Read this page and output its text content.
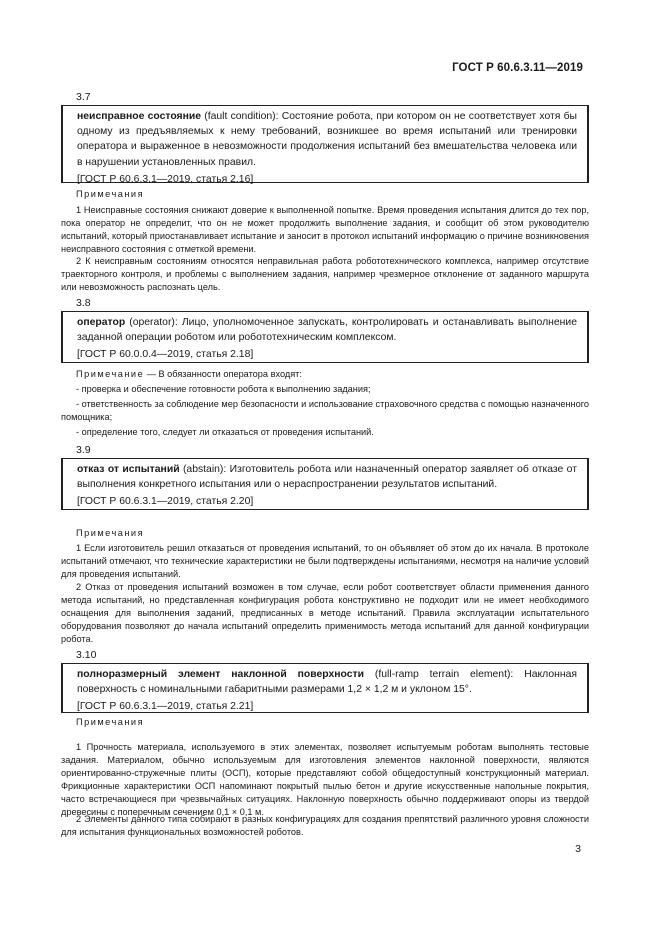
ГОСТ Р 60.6.3.11—2019
3.7

неисправное состояние (fault condition): Состояние робота, при котором он не соответствует хотя бы одному из предъявляемых к нему требований, возникшее во время испытаний или тренировки оператора и выраженное в невозможности продолжения испытаний без вмешательства человека или в нарушении установленных правил.

[ГОСТ Р 60.6.3.1—2019, статья 2.16]

Примечания

1 Неисправные состояния снижают доверие к выполненной попытке. Время проведения испытания длится до тех пор, пока оператор не определит, что он не может продолжить выполнение задания, и сообщит об этом руководителю испытаний, который приостанавливает испытание и заносит в протокол испытаний информацию о причине возникновения неисправного состояния с отметкой времени.

2 К неисправным состояниям относятся неправильная работа робототехнического комплекса, например отсутствие траекторного контроля, и проблемы с выполнением задания, например чрезмерное отклонение от заданного маршрута или невозможность распознать цель.

3.8

оператор (operator): Лицо, уполномоченное запускать, контролировать и останавливать выполнение заданной операции роботом или робототехническим комплексом.

[ГОСТ Р 60.0.0.4—2019, статья 2.18]

Примечание — В обязанности оператора входят:

- проверка и обеспечение готовности робота к выполнению задания;

- ответственность за соблюдение мер безопасности и использование страховочного средства с помощью назначенного помощника;

- определение того, следует ли отказаться от проведения испытаний.

3.9

отказ от испытаний (abstain): Изготовитель робота или назначенный оператор заявляет об отказе от выполнения конкретного испытания или о нераспространении результатов испытаний.

[ГОСТ Р 60.6.3.1—2019, статья 2.20]

Примечания

1 Если изготовитель решил отказаться от проведения испытаний, то он объявляет об этом до их начала. В протоколе испытаний отмечают, что технические характеристики не были подтверждены испытаниями, несмотря на наличие условий для проведения испытаний.

2 Отказ от проведения испытаний возможен в том случае, если робот соответствует области применения данного метода испытаний, но представленная конфигурация робота конструктивно не подходит или не имеет необходимого оснащения для выполнения заданий, предписанных в методе испытаний. Правила эксплуатации испытательного оборудования позволяют до начала испытаний определить применимость метода испытаний для данной конфигурации робота.

3.10

полноразмерный элемент наклонной поверхности (full-ramp terrain element): Наклонная поверхность с номинальными габаритными размерами 1,2 × 1,2 м и уклоном 15°.

[ГОСТ Р 60.6.3.1—2019, статья 2.21]

Примечания

1 Прочность материала, используемого в этих элементах, позволяет испытуемым роботам выполнять тестовые задания. Материалом, обычно используемым для изготовления элементов наклонной поверхности, являются ориентированно-стружечные плиты (ОСП), которые представляют собой общедоступный конструкционный материал. Фрикционные характеристики ОСП напоминают покрытый пылью бетон и другие искусственные напольные покрытия, часто встречающиеся при чрезвычайных ситуациях. Наклонную поверхность обычно поддерживают опоры из твердой древесины с поперечным сечением 0,1 × 0,1 м.

2 Элементы данного типа собирают в разных конфигурациях для создания препятствий различного уровня сложности для испытания функциональных возможностей роботов.

3
